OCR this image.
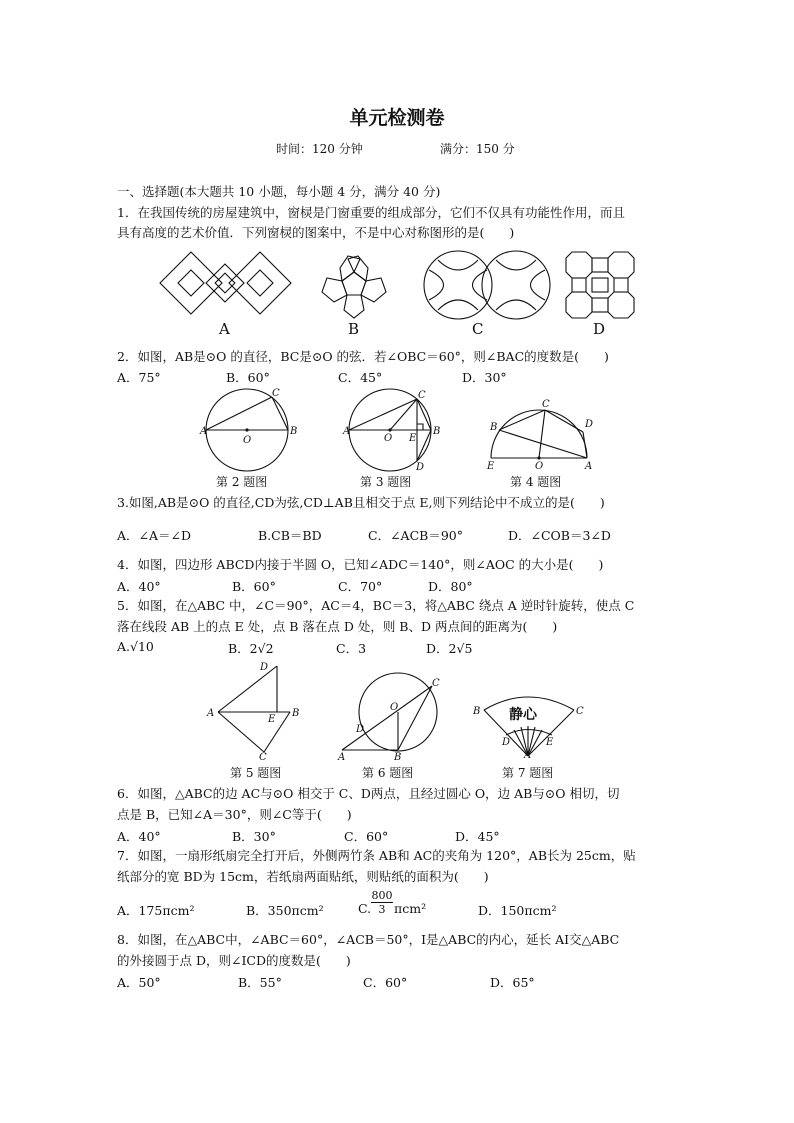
单元检测卷
时间：120 分钟	满分：150 分
一、选择题(本大题共 10 小题，每小题 4 分，满分 40 分)
1．在我国传统的房屋建筑中，窗棂是门窗重要的组成部分，它们不仅具有功能性作用，而且
具有高度的艺术价值．下列窗棂的图案中，不是中心对称图形的是(　　)
A	B	C	D
2．如图，AB是⊙O 的直径，BC是⊙O 的弦．若∠OBC＝60°，则∠BAC的度数是(　　)
A．75°	B．60°	C．45°	D．30°
A	B
C
O
A	B
C
D
O E
E	O	A
B
C
D
第 2 题图	第 3 题图	第 4 题图
3.如图,AB是⊙O 的直径,CD为弦,CD⊥AB且相交于点 E,则下列结论中不成立的是(　　)
A．∠A＝∠D	B.CB＝BD	C．∠ACB＝90°	D．∠COB＝3∠D
4．如图，四边形 ABCD内接于半圆 O，已知∠ADC＝140°，则∠AOC 的大小是(　　)
A．40°	B．60°	C．70°	D．80°
5．如图，在△ABC 中，∠C＝90°，AC＝4，BC＝3，将△ABC 绕点 A 逆时针旋转，使点 C
落在线段 AB 上的点 E 处，点 B 落在点 D 处，则 B、D 两点间的距离为(　　)
A.√10	B．2√2	C．3	D．2√5
A
D
B
E
C	A	B
C
D
O	B	C
D	E
A
静心
第 5 题图	第 6 题图	第 7 题图
6．如图，△ABC的边 AC与⊙O 相交于 C、D两点，且经过圆心 O，边 AB与⊙O 相切，切
点是 B，已知∠A＝30°，则∠C等于(　　)
A．40°	B．30°	C．60°	D．45°
7．如图，一扇形纸扇完全打开后，外侧两竹条 AB和 AC的夹角为 120°，AB长为 25cm，贴
纸部分的宽 BD为 15cm，若纸扇两面贴纸，则贴纸的面积为(　　)
A．175πcm²	B．350πcm²	C. $\frac{800}{3} \pi cm^2$	D．150πcm²
8．如图，在△ABC中，∠ABC＝60°，∠ACB＝50°，I是△ABC的内心，延长 AI交△ABC
的外接圆于点 D，则∠ICD的度数是(　　)
A．50°	B．55°	C．60°	D．65°
